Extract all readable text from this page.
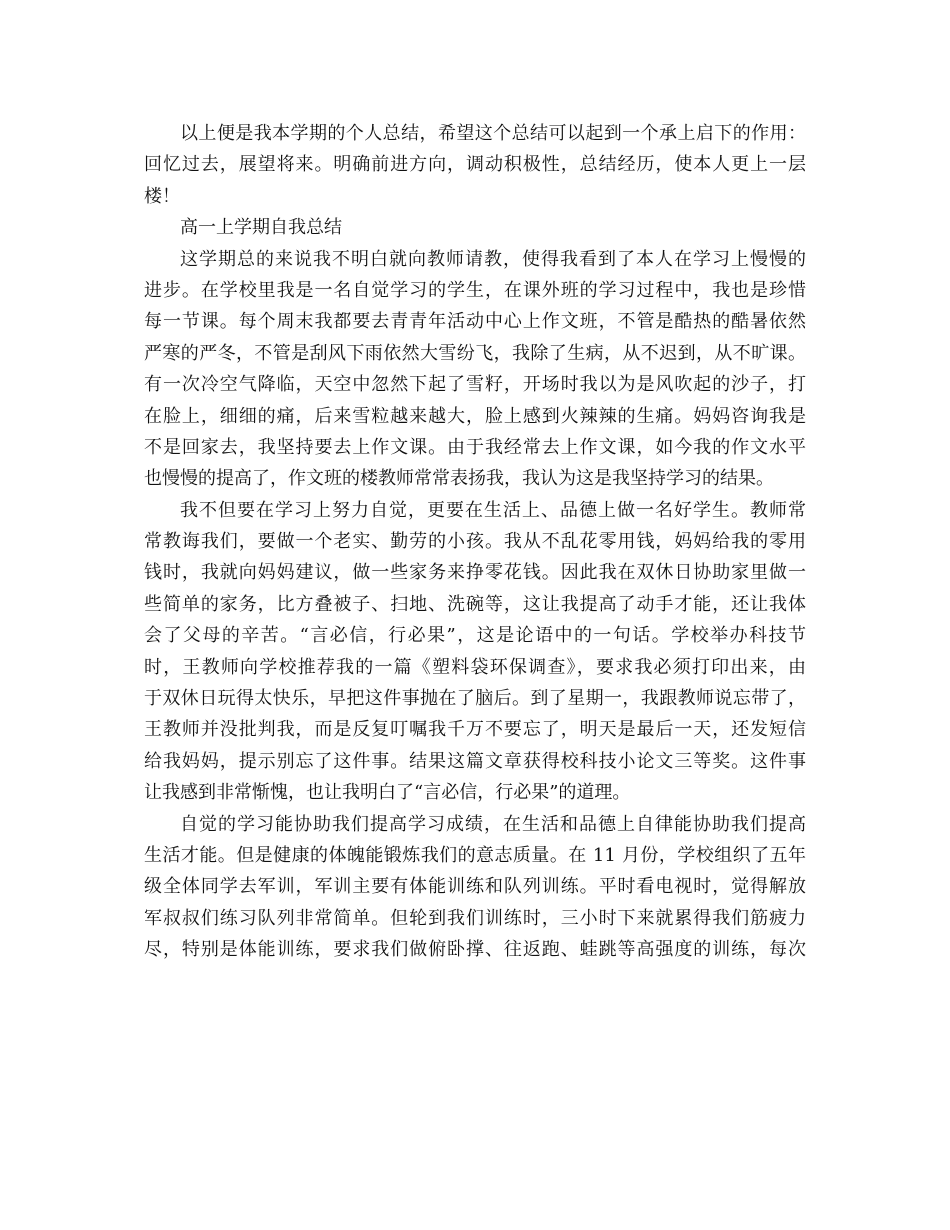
以上便是我本学期的个人总结，希望这个总结可以起到一个承上启下的作用：
回忆过去，展望将来。明确前进方向，调动积极性，总结经历，使本人更上一层
楼！
高一上学期自我总结
这学期总的来说我不明白就向教师请教，使得我看到了本人在学习上慢慢的
进步。在学校里我是一名自觉学习的学生，在课外班的学习过程中，我也是珍惜
每一节课。每个周末我都要去青青年活动中心上作文班，不管是酷热的酷暑依然
严寒的严冬，不管是刮风下雨依然大雪纷飞，我除了生病，从不迟到，从不旷课。
有一次冷空气降临，天空中忽然下起了雪籽，开场时我以为是风吹起的沙子，打
在脸上，细细的痛，后来雪粒越来越大，脸上感到火辣辣的生痛。妈妈咨询我是
不是回家去，我坚持要去上作文课。由于我经常去上作文课，如今我的作文水平
也慢慢的提高了，作文班的楼教师常常表扬我，我认为这是我坚持学习的结果。
我不但要在学习上努力自觉，更要在生活上、品德上做一名好学生。教师常
常教诲我们，要做一个老实、勤劳的小孩。我从不乱花零用钱，妈妈给我的零用
钱时，我就向妈妈建议，做一些家务来挣零花钱。因此我在双休日协助家里做一
些简单的家务，比方叠被子、扫地、洗碗等，这让我提高了动手才能，还让我体
会了父母的辛苦。“言必信，行必果”，这是论语中的一句话。学校举办科技节
时，王教师向学校推荐我的一篇《塑料袋环保调查》，要求我必须打印出来，由
于双休日玩得太快乐，早把这件事抛在了脑后。到了星期一，我跟教师说忘带了，
王教师并没批判我，而是反复叮嘱我千万不要忘了，明天是最后一天，还发短信
给我妈妈，提示别忘了这件事。结果这篇文章获得校科技小论文三等奖。这件事
让我感到非常惭愧，也让我明白了“言必信，行必果”的道理。
自觉的学习能协助我们提高学习成绩，在生活和品德上自律能协助我们提高
生活才能。但是健康的体魄能锻炼我们的意志质量。在 11 月份，学校组织了五年
级全体同学去军训，军训主要有体能训练和队列训练。平时看电视时，觉得解放
军叔叔们练习队列非常简单。但轮到我们训练时，三小时下来就累得我们筋疲力
尽，特别是体能训练，要求我们做俯卧撑、往返跑、蛙跳等高强度的训练，每次
